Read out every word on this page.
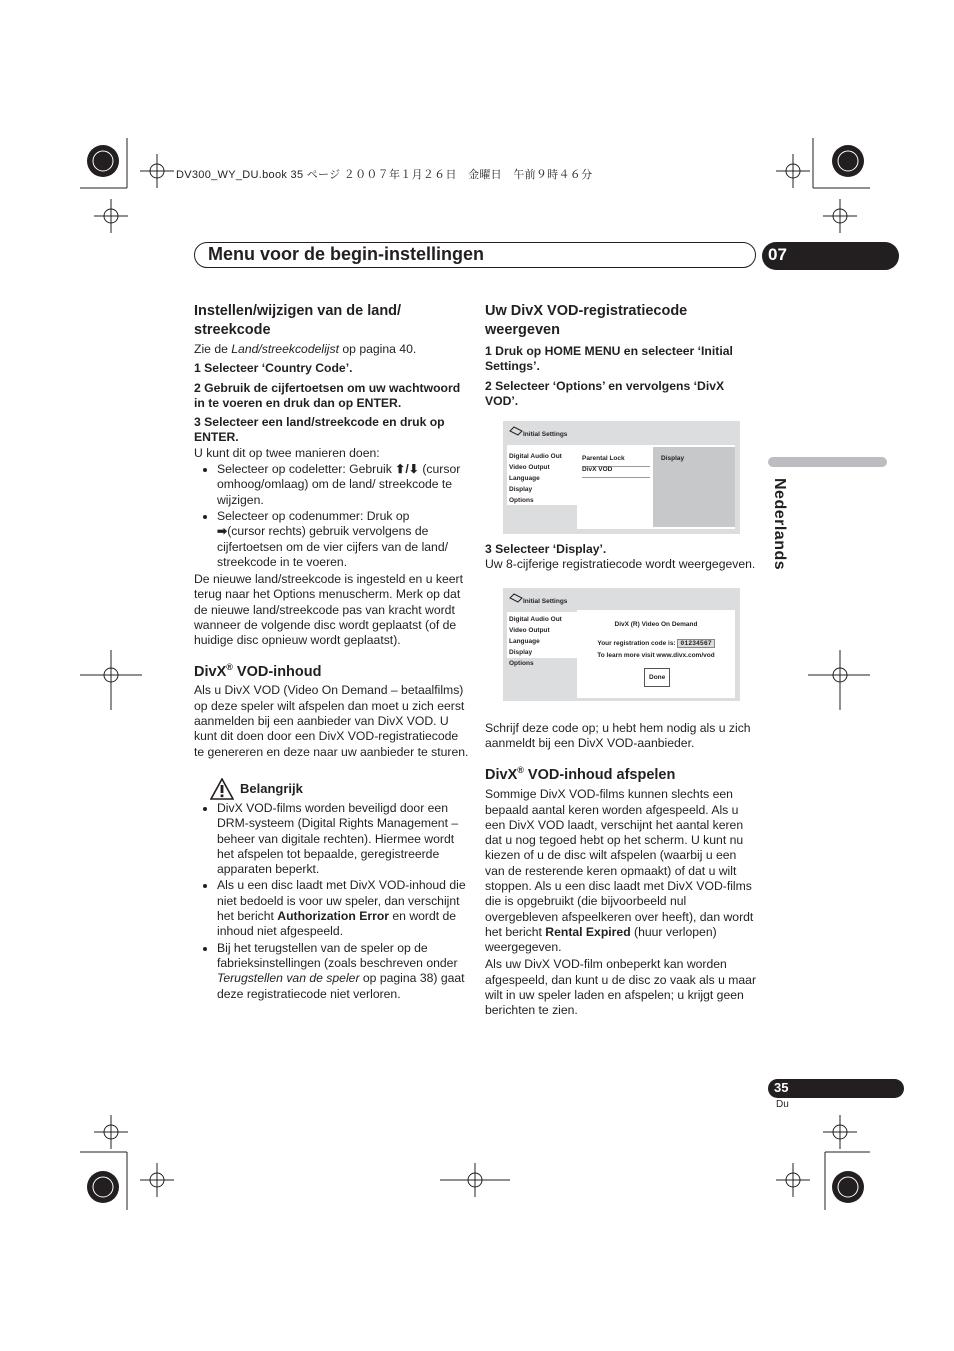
DV300_WY_DU.book 35 ページ ２００７年１月２６日　金曜日　午前９時４６分
Menu voor de begin-instellingen	07
Nederlands
35
Du
Instellen/wijzigen van de land/ streekcode

Zie de Land/streekcodelijst op pagina 40.

1 Selecteer ‘Country Code’.

2 Gebruik de cijfertoetsen om uw wachtwoord in te voeren en druk dan op ENTER.

3 Selecteer een land/streekcode en druk op ENTER.

U kunt dit op twee manieren doen:

• Selecteer op codeletter: Gebruik ⬆/⬇ (cursor omhoog/omlaag) om de land/ streekcode te wijzigen.
• Selecteer op codenummer: Druk op
➡(cursor rechts) gebruik vervolgens de cijfertoetsen om de vier cijfers van de land/ streekcode in te voeren.

De nieuwe land/streekcode is ingesteld en u keert terug naar het Options menuscherm. Merk op dat de nieuwe land/streekcode pas van kracht wordt wanneer de volgende disc wordt geplaatst (of de huidige disc opnieuw wordt geplaatst).

DivX® VOD-inhoud

Als u DivX VOD (Video On Demand – betaalfilms) op deze speler wilt afspelen dan moet u zich eerst aanmelden bij een aanbieder van DivX VOD. U kunt dit doen door een DivX VOD-registratiecode te genereren en deze naar uw aanbieder te sturen.

Belangrijk
• DivX VOD-films worden beveiligd door een DRM-systeem (Digital Rights Management – beheer van digitale rechten). Hiermee wordt het afspelen tot bepaalde, geregistreerde apparaten beperkt.
• Als u een disc laadt met DivX VOD-inhoud die niet bedoeld is voor uw speler, dan verschijnt het bericht Authorization Error en wordt de inhoud niet afgespeeld.
• Bij het terugstellen van de speler op de fabrieksinstellingen (zoals beschreven onder Terugstellen van de speler op pagina 38) gaat deze registratiecode niet verloren.
Uw DivX VOD-registratiecode weergeven

1 Druk op HOME MENU en selecteer ‘Initial Settings’.

2 Selecteer ‘Options’ en vervolgens ‘DivX VOD’.

Initial Settings
Digital Audio Out
Video Output
Language
Display
Options
Parental Lock
DivX VOD
Display

3 Selecteer ‘Display’.

Uw 8-cijferige registratiecode wordt weergegeven.

Initial Settings
Digital Audio Out
Video Output
Language
Display
Options
DivX (R) Video On Demand
Your registration code is: 01234567
To learn more visit www.divx.com/vod
Done

Schrijf deze code op; u hebt hem nodig als u zich aanmeldt bij een DivX VOD-aanbieder.

DivX® VOD-inhoud afspelen

Sommige DivX VOD-films kunnen slechts een bepaald aantal keren worden afgespeeld. Als u een DivX VOD laadt, verschijnt het aantal keren dat u nog tegoed hebt op het scherm. U kunt nu kiezen of u de disc wilt afspelen (waarbij u een van de resterende keren opmaakt) of dat u wilt stoppen. Als u een disc laadt met DivX VOD-films die is opgebruikt (die bijvoorbeeld nul overgebleven afspeelkeren over heeft), dan wordt het bericht Rental Expired (huur verlopen) weergegeven.

Als uw DivX VOD-film onbeperkt kan worden afgespeeld, dan kunt u de disc zo vaak als u maar wilt in uw speler laden en afspelen; u krijgt geen berichten te zien.
